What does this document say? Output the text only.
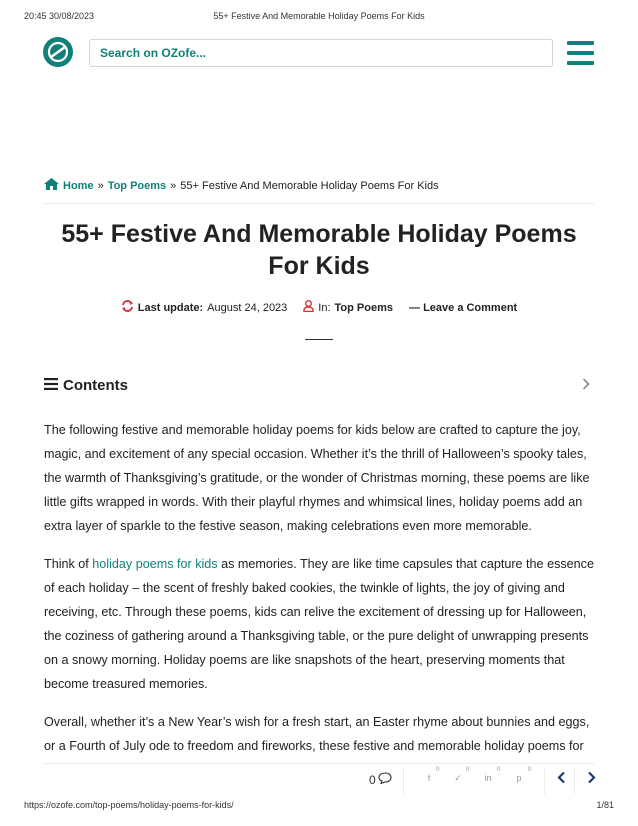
20:45 30/08/2023	55+ Festive And Memorable Holiday Poems For Kids
Search on OZofe...
Home » Top Poems » 55+ Festive And Memorable Holiday Poems For Kids
55+ Festive And Memorable Holiday Poems For Kids
Last update: August 24, 2023	In: Top Poems — Leave a Comment
Contents

The following festive and memorable holiday poems for kids below are crafted to capture the joy, magic, and excitement of any special occasion. Whether it’s the thrill of Halloween’s spooky tales, the warmth of Thanksgiving’s gratitude, or the wonder of Christmas morning, these poems are like little gifts wrapped in words. With their playful rhymes and whimsical lines, holiday poems add an extra layer of sparkle to the festive season, making celebrations even more memorable.

Think of holiday poems for kids as memories. They are like time capsules that capture the essence of each holiday – the scent of freshly baked cookies, the twinkle of lights, the joy of giving and receiving, etc. Through these poems, kids can relive the excitement of dressing up for Halloween, the coziness of gathering around a Thanksgiving table, or the pure delight of unwrapping presents on a snowy morning. Holiday poems are like snapshots of the heart, preserving moments that become treasured memories.

Overall, whether it’s a New Year’s wish for a fresh start, an Easter rhyme about bunnies and eggs, or a Fourth of July ode to freedom and fireworks, these festive and memorable holiday poems for

0
0
f	✓
0
in
0
p
0
https://ozofe.com/top-poems/holiday-poems-for-kids/	1/81
